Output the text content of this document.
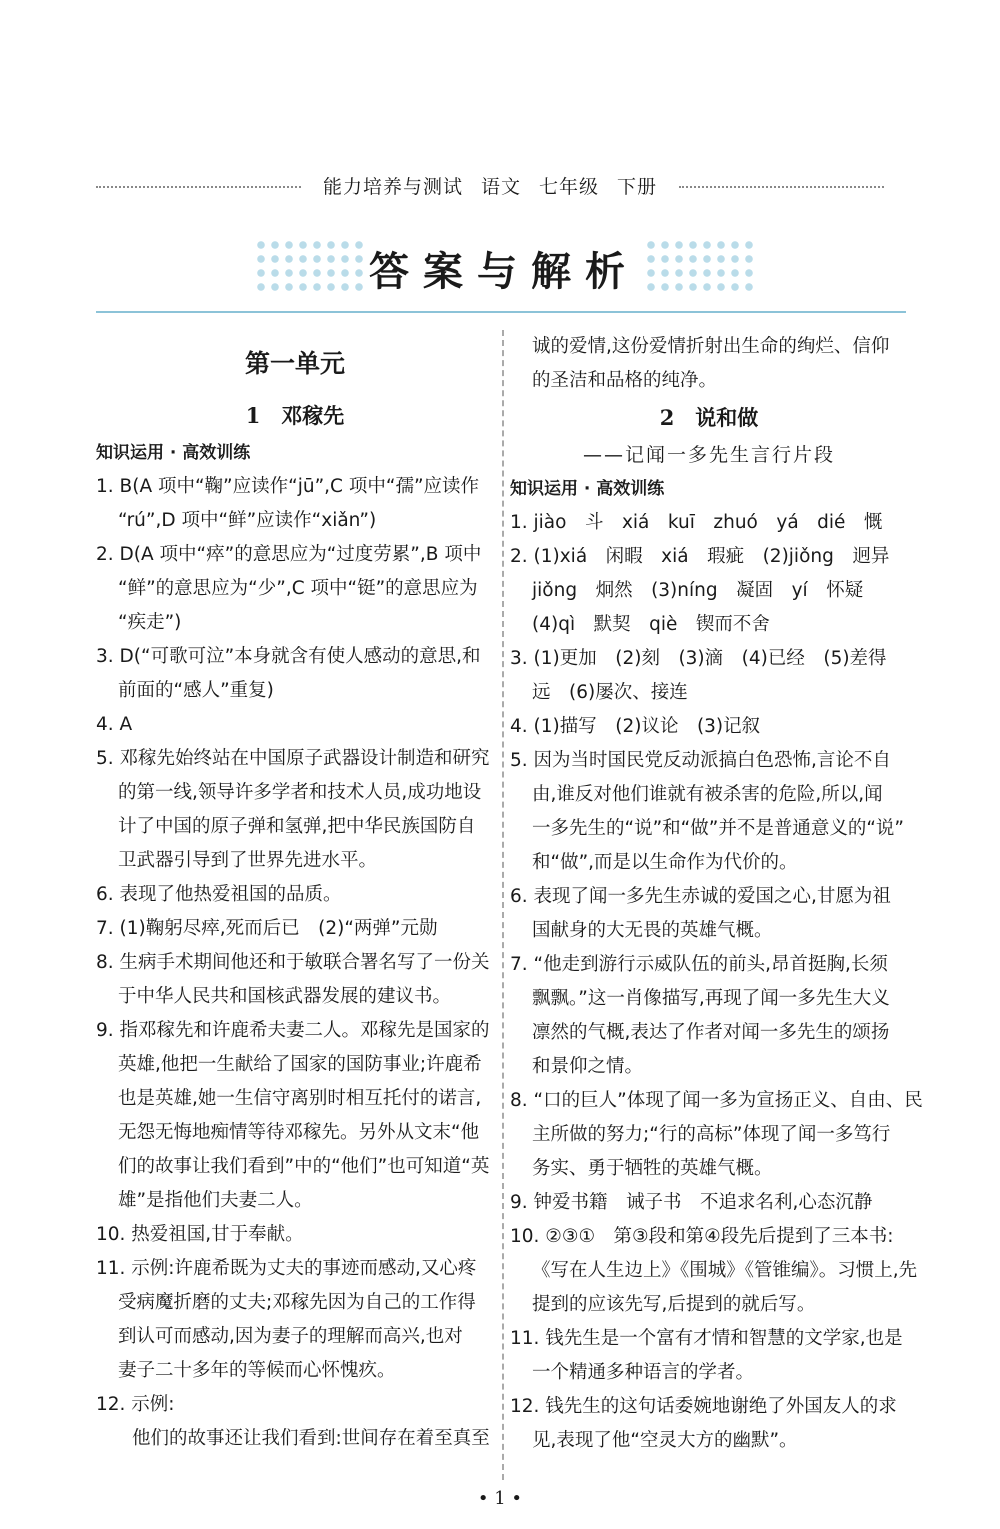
能力培养与测试 语文 七年级 下册
答案与解析
第一单元
1　邓稼先
知识运用 · 高效训练
1. B(A 项中“鞠”应读作“jū”,C 项中“孺”应读作
“rú”,D 项中“鲜”应读作“xiǎn”)
2. D(A 项中“瘁”的意思应为“过度劳累”,B 项中
“鲜”的意思应为“少”,C 项中“铤”的意思应为
“疾走”)
3. D(“可歌可泣”本身就含有使人感动的意思,和
前面的“感人”重复)
4. A
5. 邓稼先始终站在中国原子武器设计制造和研究
的第一线,领导许多学者和技术人员,成功地设
计了中国的原子弹和氢弹,把中华民族国防自
卫武器引导到了世界先进水平。
6. 表现了他热爱祖国的品质。
7. (1)鞠躬尽瘁,死而后已　(2)“两弹”元勋
8. 生病手术期间他还和于敏联合署名写了一份关
于中华人民共和国核武器发展的建议书。
9. 指邓稼先和许鹿希夫妻二人。邓稼先是国家的
英雄,他把一生献给了国家的国防事业;许鹿希
也是英雄,她一生信守离别时相互托付的诺言,
无怨无悔地痴情等待邓稼先。另外从文末“他
们的故事让我们看到”中的“他们”也可知道“英
雄”是指他们夫妻二人。
10. 热爱祖国,甘于奉献。
11. 示例:许鹿希既为丈夫的事迹而感动,又心疼
受病魔折磨的丈夫;邓稼先因为自己的工作得
到认可而感动,因为妻子的理解而高兴,也对
妻子二十多年的等候而心怀愧疚。
12. 示例:
他们的故事还让我们看到:世间存在着至真至
诚的爱情,这份爱情折射出生命的绚烂、信仰
的圣洁和品格的纯净。
2　说和做
——记闻一多先生言行片段
知识运用 · 高效训练
1. jiào　斗　xiá　kuī　zhuó　yá　dié　慨
2. (1)xiá　闲暇　xiá　瑕疵　(2)jiǒng　迥异
jiǒng　炯然　(3)níng　凝固　yí　怀疑
(4)qì　默契　qiè　锲而不舍
3. (1)更加　(2)刻　(3)滴　(4)已经　(5)差得
远　(6)屡次、接连
4. (1)描写　(2)议论　(3)记叙
5. 因为当时国民党反动派搞白色恐怖,言论不自
由,谁反对他们谁就有被杀害的危险,所以,闻
一多先生的“说”和“做”并不是普通意义的“说”
和“做”,而是以生命作为代价的。
6. 表现了闻一多先生赤诚的爱国之心,甘愿为祖
国献身的大无畏的英雄气概。
7. “他走到游行示威队伍的前头,昂首挺胸,长须
飘飘。”这一肖像描写,再现了闻一多先生大义
凛然的气概,表达了作者对闻一多先生的颂扬
和景仰之情。
8. “口的巨人”体现了闻一多为宣扬正义、自由、民
主所做的努力;“行的高标”体现了闻一多笃行
务实、勇于牺牲的英雄气概。
9. 钟爱书籍　诫子书　不追求名利,心态沉静
10. ②③①　第③段和第④段先后提到了三本书:
《写在人生边上》《围城》《管锥编》。习惯上,先
提到的应该先写,后提到的就后写。
11. 钱先生是一个富有才情和智慧的文学家,也是
一个精通多种语言的学者。
12. 钱先生的这句话委婉地谢绝了外国友人的求
见,表现了他“空灵大方的幽默”。
• 1 •
